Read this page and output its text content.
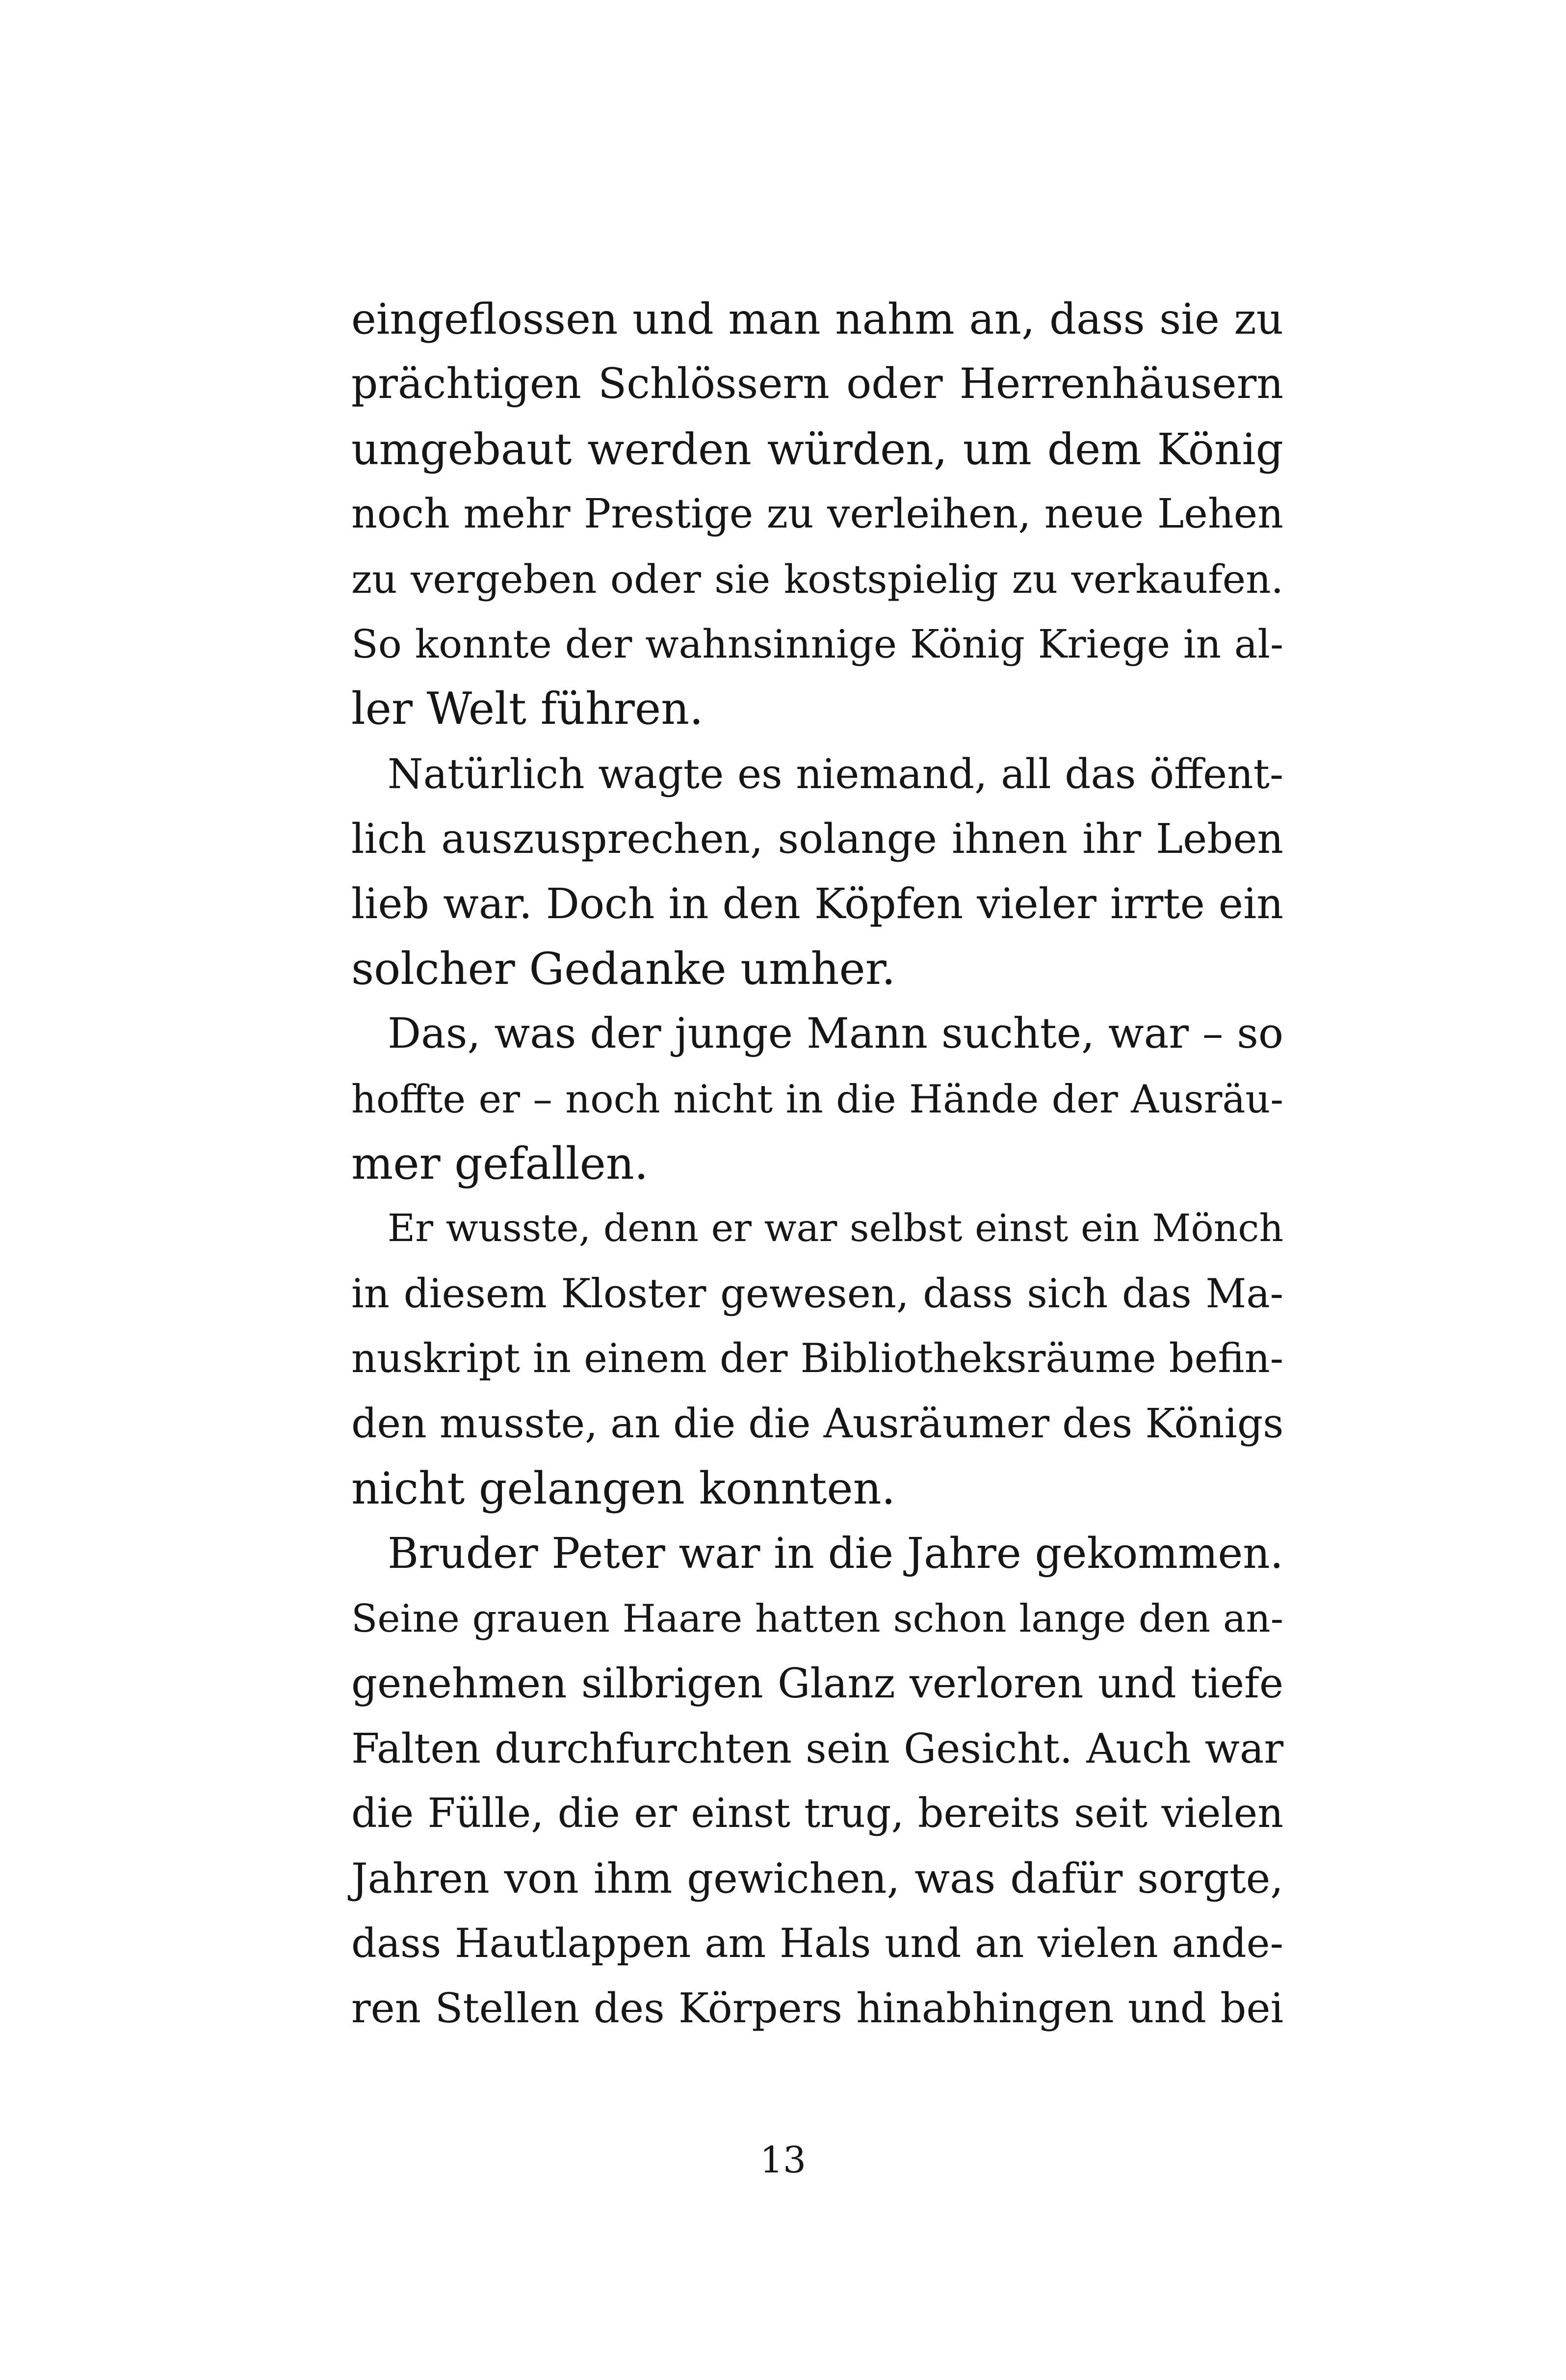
eingeflossen und man nahm an, dass sie zu
prächtigen Schlössern oder Herrenhäusern
umgebaut werden würden, um dem König
noch mehr Prestige zu verleihen, neue Lehen
zu vergeben oder sie kostspielig zu verkaufen.
So konnte der wahnsinnige König Kriege in al-
ler Welt führen.
Natürlich wagte es niemand, all das öffent-
lich auszusprechen, solange ihnen ihr Leben
lieb war. Doch in den Köpfen vieler irrte ein
solcher Gedanke umher.
Das, was der junge Mann suchte, war – so
hoffte er – noch nicht in die Hände der Ausräu-
mer gefallen.
Er wusste, denn er war selbst einst ein Mönch
in diesem Kloster gewesen, dass sich das Ma-
nuskript in einem der Bibliotheksräume befin-
den musste, an die die Ausräumer des Königs
nicht gelangen konnten.
Bruder Peter war in die Jahre gekommen.
Seine grauen Haare hatten schon lange den an-
genehmen silbrigen Glanz verloren und tiefe
Falten durchfurchten sein Gesicht. Auch war
die Fülle, die er einst trug, bereits seit vielen
Jahren von ihm gewichen, was dafür sorgte,
dass Hautlappen am Hals und an vielen ande-
ren Stellen des Körpers hinabhingen und bei
13
